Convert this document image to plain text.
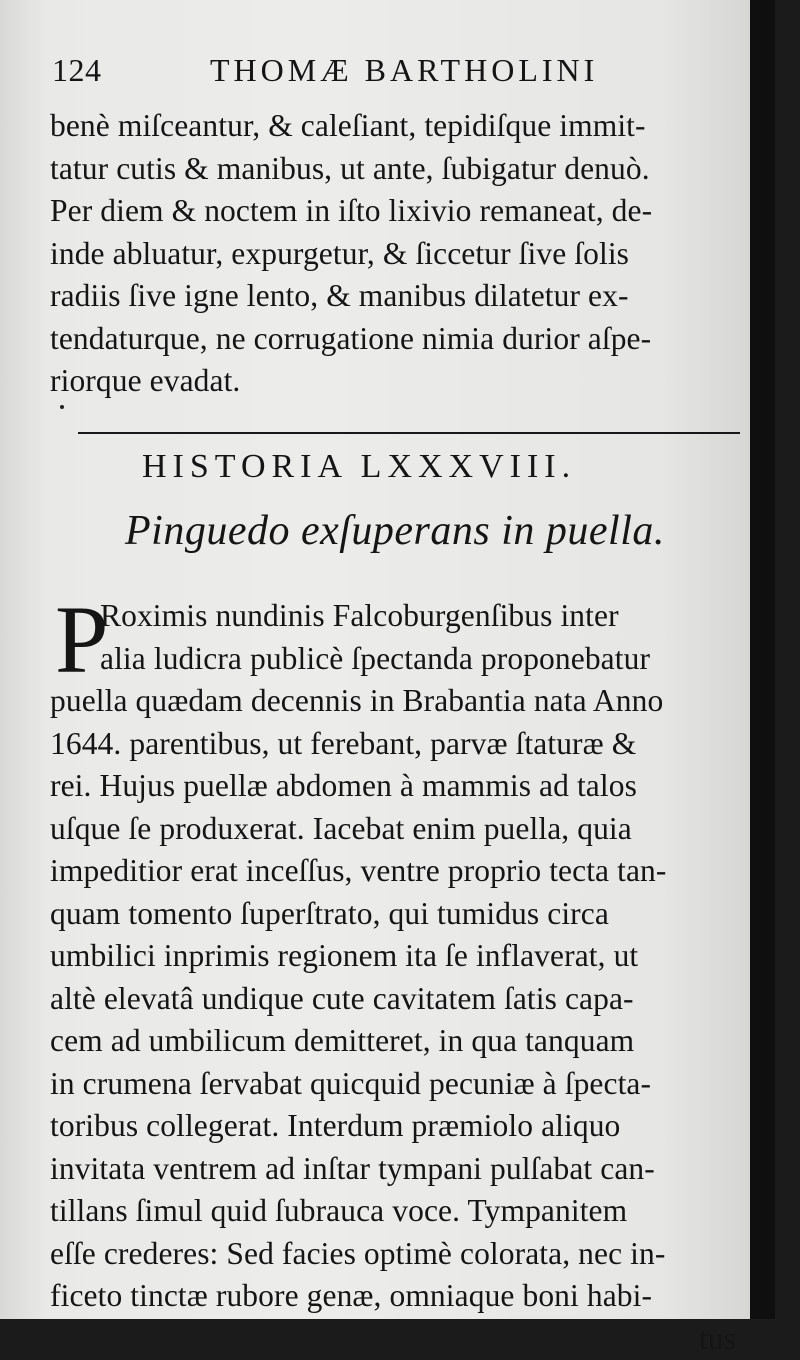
124	THOMÆ BARTHOLINI
benè miſceantur, & caleſiant, tepidiſque immit-
tatur cutis & manibus, ut ante, ſubigatur denuò.
Per diem & noctem in iſto lixivio remaneat, de-
inde abluatur, expurgetur, & ſiccetur ſive ſolis
radiis ſive igne lento, & manibus dilatetur ex-
tendaturque, ne corrugatione nimia durior aſpe-
riorque evadat.
HISTORIA LXXXVIII.
Pinguedo exſuperans in puella.
P
Roximis nundinis Falcoburgenſibus inter
alia ludicra publicè ſpectanda proponebatur
puella quædam decennis in Brabantia nata Anno
1644. parentibus, ut ferebant, parvæ ſtaturæ &
rei. Hujus puellæ abdomen à mammis ad talos
uſque ſe produxerat. Iacebat enim puella, quia
impeditior erat inceſſus, ventre proprio tecta tan-
quam tomento ſuperſtrato, qui tumidus circa
umbilici inprimis regionem ita ſe inflaverat, ut
altè elevatâ undique cute cavitatem ſatis capa-
cem ad umbilicum demitteret, in qua tanquam
in crumena ſervabat quicquid pecuniæ à ſpecta-
toribus collegerat. Interdum præmiolo aliquo
invitata ventrem ad inſtar tympani pulſabat can-
tillans ſimul quid ſubrauca voce. Tympanitem
eſſe crederes: Sed facies optimè colorata, nec in-
ficeto tinctæ rubore genæ, omniaque boni habi-
tus
